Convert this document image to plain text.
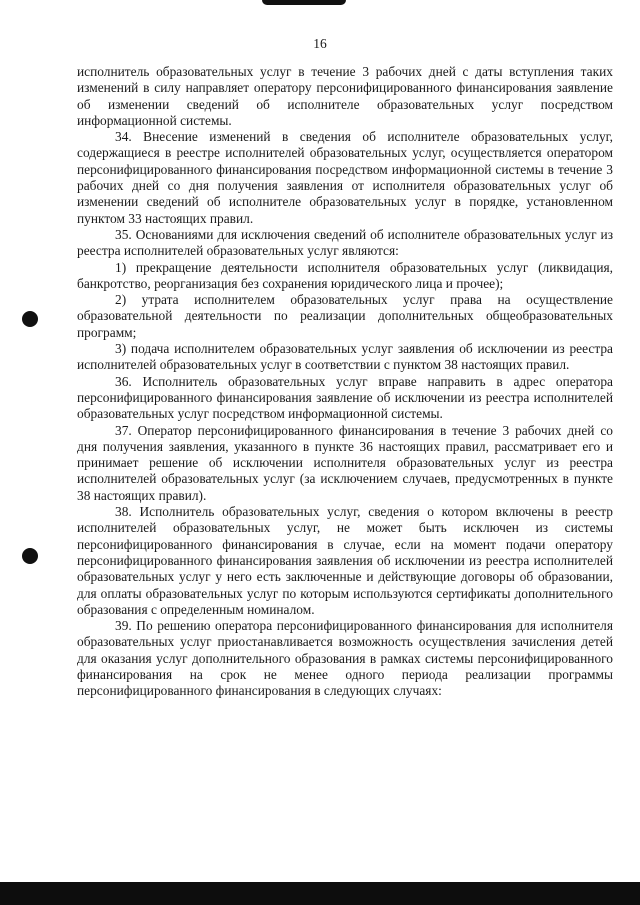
16

исполнитель образовательных услуг в течение 3 рабочих дней с даты вступления таких изменений в силу направляет оператору персонифицированного финансирования заявление об изменении сведений об исполнителе образовательных услуг посредством информационной системы.

34. Внесение изменений в сведения об исполнителе образовательных услуг, содержащиеся в реестре исполнителей образовательных услуг, осуществляется оператором персонифицированного финансирования посредством информационной системы в течение 3 рабочих дней со дня получения заявления от исполнителя образовательных услуг об изменении сведений об исполнителе образовательных услуг в порядке, установленном пунктом 33 настоящих правил.

35. Основаниями для исключения сведений об исполнителе образовательных услуг из реестра исполнителей образовательных услуг являются:

1) прекращение деятельности исполнителя образовательных услуг (ликвидация, банкротство, реорганизация без сохранения юридического лица и прочее);

2) утрата исполнителем образовательных услуг права на осуществление образовательной деятельности по реализации дополнительных общеобразовательных программ;

3) подача исполнителем образовательных услуг заявления об исключении из реестра исполнителей образовательных услуг в соответствии с пунктом 38 настоящих правил.

36. Исполнитель образовательных услуг вправе направить в адрес оператора персонифицированного финансирования заявление об исключении из реестра исполнителей образовательных услуг посредством информационной системы.

37. Оператор персонифицированного финансирования в течение 3 рабочих дней со дня получения заявления, указанного в пункте 36 настоящих правил, рассматривает его и принимает решение об исключении исполнителя образовательных услуг из реестра исполнителей образовательных услуг (за исключением случаев, предусмотренных в пункте 38 настоящих правил).

38. Исполнитель образовательных услуг, сведения о котором включены в реестр исполнителей образовательных услуг, не может быть исключен из системы персонифицированного финансирования в случае, если на момент подачи оператору персонифицированного финансирования заявления об исключении из реестра исполнителей образовательных услуг у него есть заключенные и действующие договоры об образовании, для оплаты образовательных услуг по которым используются сертификаты дополнительного образования с определенным номиналом.

39. По решению оператора персонифицированного финансирования для исполнителя образовательных услуг приостанавливается возможность осуществления зачисления детей для оказания услуг дополнительного образования в рамках системы персонифицированного финансирования на срок не менее одного периода реализации программы персонифицированного финансирования в следующих случаях:
